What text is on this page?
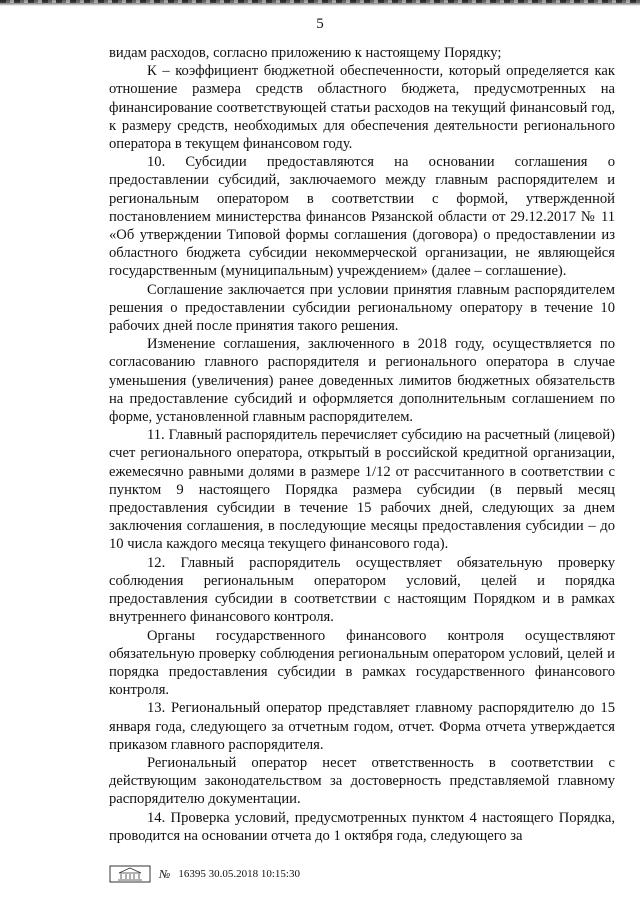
5

видам расходов, согласно приложению к настоящему Порядку;

К – коэффициент бюджетной обеспеченности, который определяется как отношение размера средств областного бюджета, предусмотренных на финансирование соответствующей статьи расходов на текущий финансовый год, к размеру средств, необходимых для обеспечения деятельности регионального оператора в текущем финансовом году.

10. Субсидии предоставляются на основании соглашения о предоставлении субсидий, заключаемого между главным распорядителем и региональным оператором в соответствии с формой, утвержденной постановлением министерства финансов Рязанской области от 29.12.2017 № 11 «Об утверждении Типовой формы соглашения (договора) о предоставлении из областного бюджета субсидии некоммерческой организации, не являющейся государственным (муниципальным) учреждением» (далее – соглашение).

Соглашение заключается при условии принятия главным распорядителем решения о предоставлении субсидии региональному оператору в течение 10 рабочих дней после принятия такого решения.

Изменение соглашения, заключенного в 2018 году, осуществляется по согласованию главного распорядителя и регионального оператора в случае уменьшения (увеличения) ранее доведенных лимитов бюджетных обязательств на предоставление субсидий и оформляется дополнительным соглашением по форме, установленной главным распорядителем.

11. Главный распорядитель перечисляет субсидию на расчетный (лицевой) счет регионального оператора, открытый в российской кредитной организации, ежемесячно равными долями в размере 1/12 от рассчитанного в соответствии с пунктом 9 настоящего Порядка размера субсидии (в первый месяц предоставления субсидии в течение 15 рабочих дней, следующих за днем заключения соглашения, в последующие месяцы предоставления субсидии – до 10 числа каждого месяца текущего финансового года).

12. Главный распорядитель осуществляет обязательную проверку соблюдения региональным оператором условий, целей и порядка предоставления субсидии в соответствии с настоящим Порядком и в рамках внутреннего финансового контроля.

Органы государственного финансового контроля осуществляют обязательную проверку соблюдения региональным оператором условий, целей и порядка предоставления субсидии в рамках государственного финансового контроля.

13. Региональный оператор представляет главному распорядителю до 15 января года, следующего за отчетным годом, отчет. Форма отчета утверждается приказом главного распорядителя.

Региональный оператор несет ответственность в соответствии с действующим законодательством за достоверность представляемой главному распорядителю документации.

14. Проверка условий, предусмотренных пунктом 4 настоящего Порядка, проводится на основании отчета до 1 октября года, следующего за

№ 16395 30.05.2018 10:15:30
